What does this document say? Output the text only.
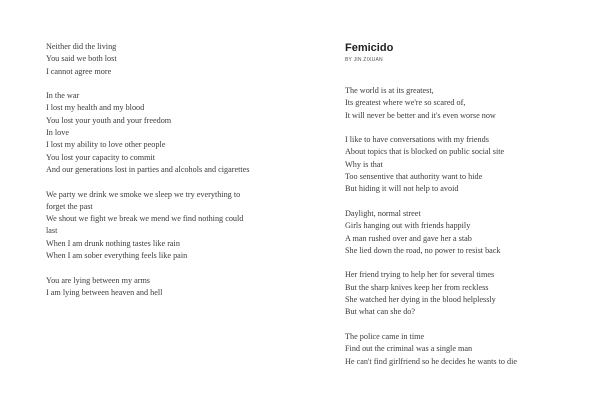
Neither did the living
You said we both lost
I cannot agree more
In the war
I lost my health and my blood
You lost your youth and your freedom
In love
I lost my ability to love other people
You lost your capacity to commit
And our generations lost in parties and alcohols and cigarettes
We party we drink we smoke we sleep we try everything to forget the past
We shout we fight we break we mend we find nothing could last
When I am drunk nothing tastes like rain
When I am sober everything feels like pain
You are lying between my arms
I am lying between heaven and hell
Femicido
BY JIN ZIXUAN
The world is at its greatest,
Its greatest where we're so scared of,
It will never be better and it's even worse now
I like to have conversations with my friends
About topics that is blocked on public social site
Why is that
Too sensentive that authority want to hide
But hiding it will not help to avoid
Daylight, normal street
Girls hanging out with friends happily
A man rushed over and gave her a stab
She lied down the road, no power to resist back
Her friend trying to help her for several times
But the sharp knives keep her from reckless
She watched her dying in the blood helplessly
But what can she do?
The police came in time
Find out the criminal was a single man
He can't find girlfriend so he decides he wants to die
